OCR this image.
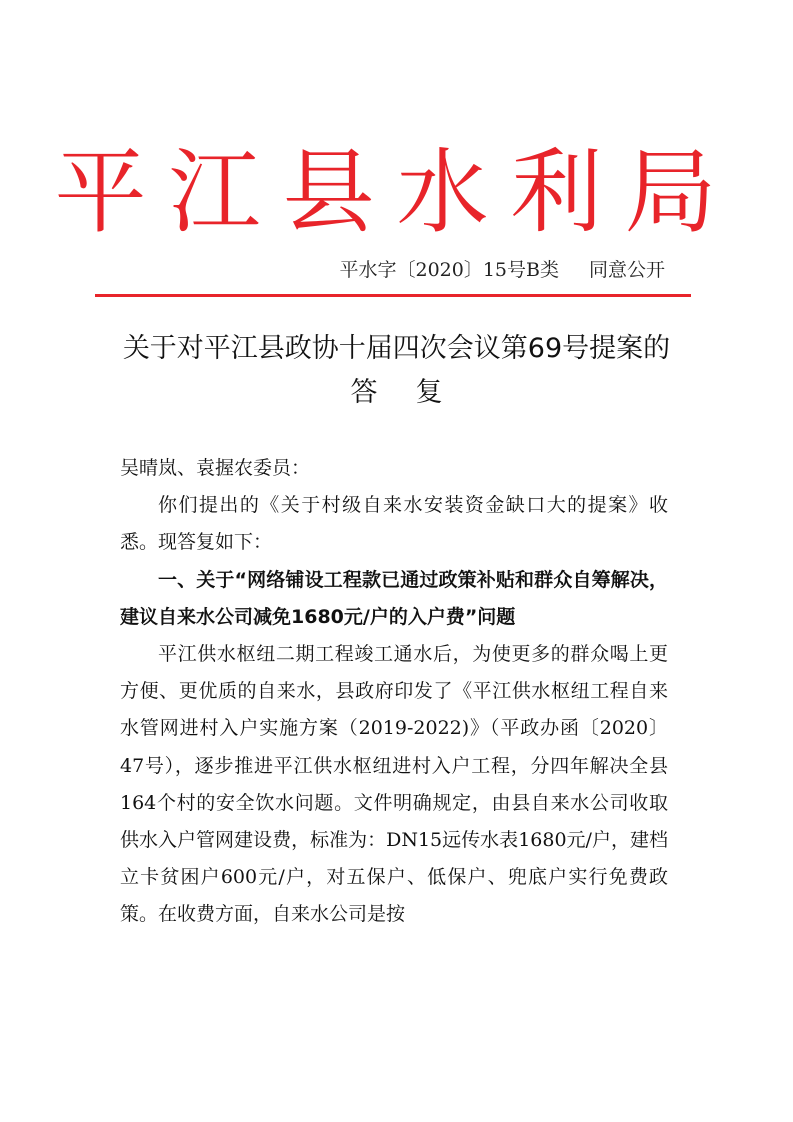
平江县水利局
平水字〔2020〕15号B类 同意公开
关于对平江县政协十届四次会议第69号提案的
答复

吴晴岚、袁握农委员：

你们提出的《关于村级自来水安装资金缺口大的提案》收悉。现答复如下：

一、关于“网络铺设工程款已通过政策补贴和群众自筹解决，建议自来水公司减免1680元/户的入户费”问题

平江供水枢纽二期工程竣工通水后，为使更多的群众喝上更方便、更优质的自来水，县政府印发了《平江供水枢纽工程自来水管网进村入户实施方案（2019-2022)》（平政办函〔2020〕47号），逐步推进平江供水枢纽进村入户工程，分四年解决全县164个村的安全饮水问题。文件明确规定，由县自来水公司收取供水入户管网建设费，标准为：DN15远传水表1680元/户，建档立卡贫困户600元/户，对五保户、低保户、兜底户实行免费政策。在收费方面，自来水公司是按
